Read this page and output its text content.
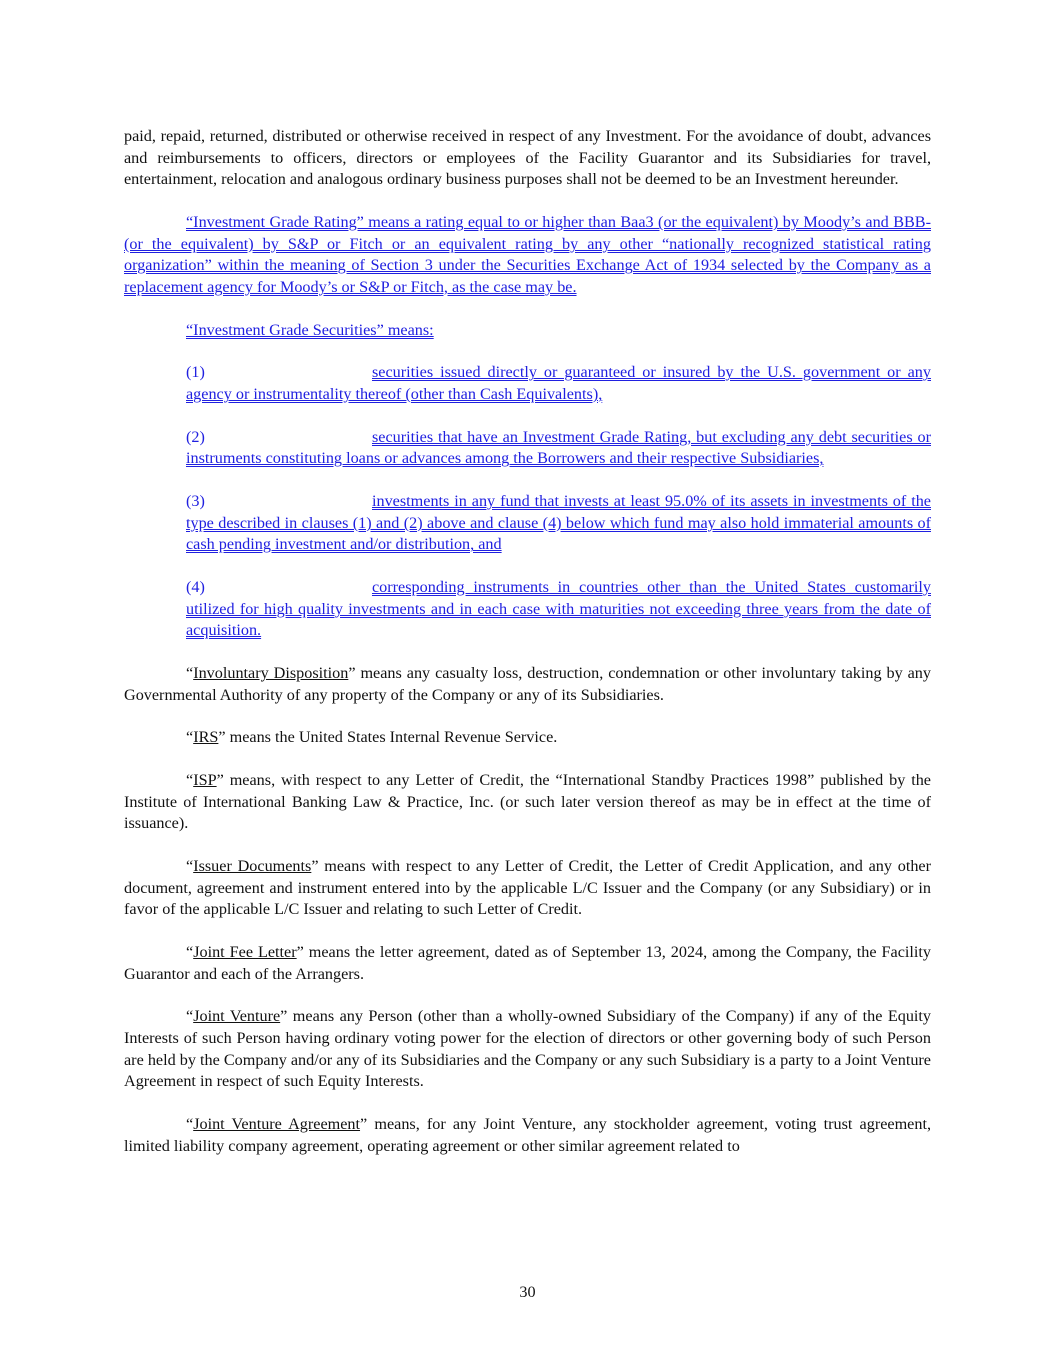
paid, repaid, returned, distributed or otherwise received in respect of any Investment. For the avoidance of doubt, advances and reimbursements to officers, directors or employees of the Facility Guarantor and its Subsidiaries for travel, entertainment, relocation and analogous ordinary business purposes shall not be deemed to be an Investment hereunder.

“Investment Grade Rating” means a rating equal to or higher than Baa3 (or the equivalent) by Moody’s and BBB- (or the equivalent) by S&P or Fitch or an equivalent rating by any other “nationally recognized statistical rating organization” within the meaning of Section 3 under the Securities Exchange Act of 1934 selected by the Company as a replacement agency for Moody’s or S&P or Fitch, as the case may be.

“Investment Grade Securities” means:

(1)	securities issued directly or guaranteed or insured by the U.S. government or any agency or instrumentality thereof (other than Cash Equivalents),

(2)	securities that have an Investment Grade Rating, but excluding any debt securities or instruments constituting loans or advances among the Borrowers and their respective Subsidiaries,

(3)	investments in any fund that invests at least 95.0% of its assets in investments of the type described in clauses (1) and (2) above and clause (4) below which fund may also hold immaterial amounts of cash pending investment and/or distribution, and

(4)	corresponding instruments in countries other than the United States customarily utilized for high quality investments and in each case with maturities not exceeding three years from the date of acquisition.

“Involuntary Disposition” means any casualty loss, destruction, condemnation or other involuntary taking by any Governmental Authority of any property of the Company or any of its Subsidiaries.

“IRS” means the United States Internal Revenue Service.

“ISP” means, with respect to any Letter of Credit, the “International Standby Practices 1998” published by the Institute of International Banking Law & Practice, Inc. (or such later version thereof as may be in effect at the time of issuance).

“Issuer Documents” means with respect to any Letter of Credit, the Letter of Credit Application, and any other document, agreement and instrument entered into by the applicable L/C Issuer and the Company (or any Subsidiary) or in favor of the applicable L/C Issuer and relating to such Letter of Credit.

“Joint Fee Letter” means the letter agreement, dated as of September 13, 2024, among the Company, the Facility Guarantor and each of the Arrangers.

“Joint Venture” means any Person (other than a wholly-owned Subsidiary of the Company) if any of the Equity Interests of such Person having ordinary voting power for the election of directors or other governing body of such Person are held by the Company and/or any of its Subsidiaries and the Company or any such Subsidiary is a party to a Joint Venture Agreement in respect of such Equity Interests.

“Joint Venture Agreement” means, for any Joint Venture, any stockholder agreement, voting trust agreement, limited liability company agreement, operating agreement or other similar agreement related to

30
